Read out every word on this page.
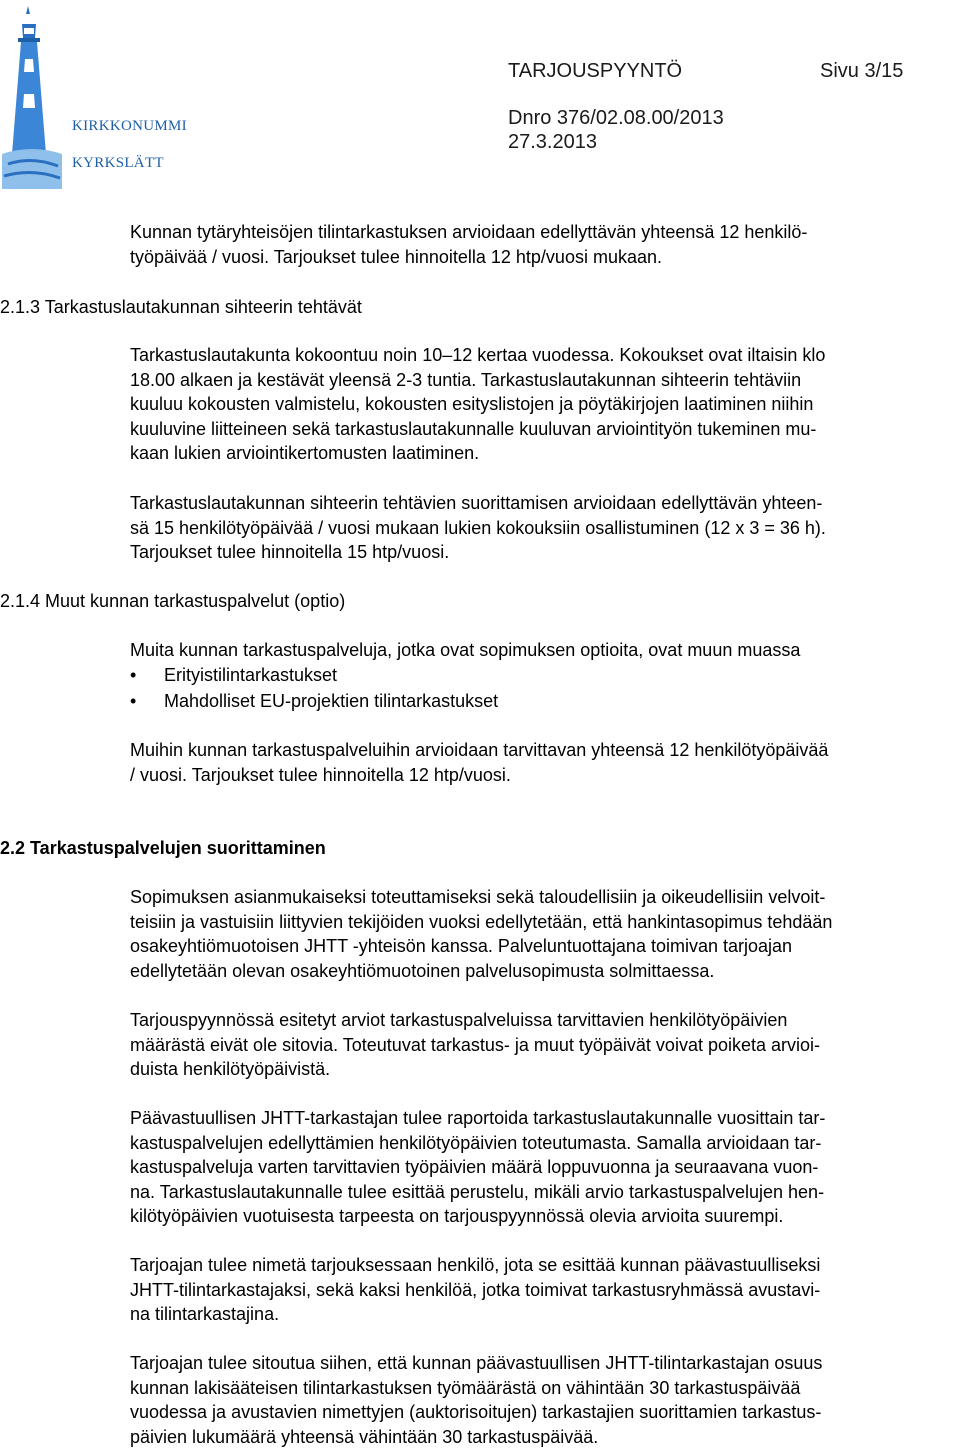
KIRKKONUMMI
KYRKSLÄTT
TARJOUSPYYNTÖ	Sivu 3/15
Dnro 376/02.08.00/2013
27.3.2013
Kunnan tytäryhteisöjen tilintarkastuksen arvioidaan edellyttävän yhteensä 12 henkilö-
työpäivää / vuosi. Tarjoukset tulee hinnoitella 12 htp/vuosi mukaan.
2.1.3 Tarkastuslautakunnan sihteerin tehtävät
Tarkastuslautakunta kokoontuu noin 10–12 kertaa vuodessa. Kokoukset ovat iltaisin klo
18.00 alkaen ja kestävät yleensä 2-3 tuntia. Tarkastuslautakunnan sihteerin tehtäviin
kuuluu kokousten valmistelu, kokousten esityslistojen ja pöytäkirjojen laatiminen niihin
kuuluvine liitteineen sekä tarkastuslautakunnalle kuuluvan arviointityön tukeminen mu-
kaan lukien arviointikertomusten laatiminen.
Tarkastuslautakunnan sihteerin tehtävien suorittamisen arvioidaan edellyttävän yhteen-
sä 15 henkilötyöpäivää / vuosi mukaan lukien kokouksiin osallistuminen (12 x 3 = 36 h).
Tarjoukset tulee hinnoitella 15 htp/vuosi.
2.1.4 Muut kunnan tarkastuspalvelut (optio)
Muita kunnan tarkastuspalveluja, jotka ovat sopimuksen optioita, ovat muun muassa
• Erityistilintarkastukset
• Mahdolliset EU-projektien tilintarkastukset
Muihin kunnan tarkastuspalveluihin arvioidaan tarvittavan yhteensä 12 henkilötyöpäivää
/ vuosi. Tarjoukset tulee hinnoitella 12 htp/vuosi.
2.2 Tarkastuspalvelujen suorittaminen
Sopimuksen asianmukaiseksi toteuttamiseksi sekä taloudellisiin ja oikeudellisiin velvoit-
teisiin ja vastuisiin liittyvien tekijöiden vuoksi edellytetään, että hankintasopimus tehdään
osakeyhtiömuotoisen JHTT -yhteisön kanssa. Palveluntuottajana toimivan tarjoajan
edellytetään olevan osakeyhtiömuotoinen palvelusopimusta solmittaessa.
Tarjouspyynnössä esitetyt arviot tarkastuspalveluissa tarvittavien henkilötyöpäivien
määrästä eivät ole sitovia. Toteutuvat tarkastus- ja muut työpäivät voivat poiketa arvioi-
duista henkilötyöpäivistä.
Päävastuullisen JHTT-tarkastajan tulee raportoida tarkastuslautakunnalle vuosittain tar-
kastuspalvelujen edellyttämien henkilötyöpäivien toteutumasta. Samalla arvioidaan tar-
kastuspalveluja varten tarvittavien työpäivien määrä loppuvuonna ja seuraavana vuon-
na. Tarkastuslautakunnalle tulee esittää perustelu, mikäli arvio tarkastuspalvelujen hen-
kilötyöpäivien vuotuisesta tarpeesta on tarjouspyynnössä olevia arvioita suurempi.
Tarjoajan tulee nimetä tarjouksessaan henkilö, jota se esittää kunnan päävastuulliseksi
JHTT-tilintarkastajaksi, sekä kaksi henkilöä, jotka toimivat tarkastusryhmässä avustavi-
na tilintarkastajina.
Tarjoajan tulee sitoutua siihen, että kunnan päävastuullisen JHTT-tilintarkastajan osuus
kunnan lakisääteisen tilintarkastuksen työmäärästä on vähintään 30 tarkastuspäivää
vuodessa ja avustavien nimettyjen (auktorisoitujen) tarkastajien suorittamien tarkastus-
päivien lukumäärä yhteensä vähintään 30 tarkastuspäivää.
